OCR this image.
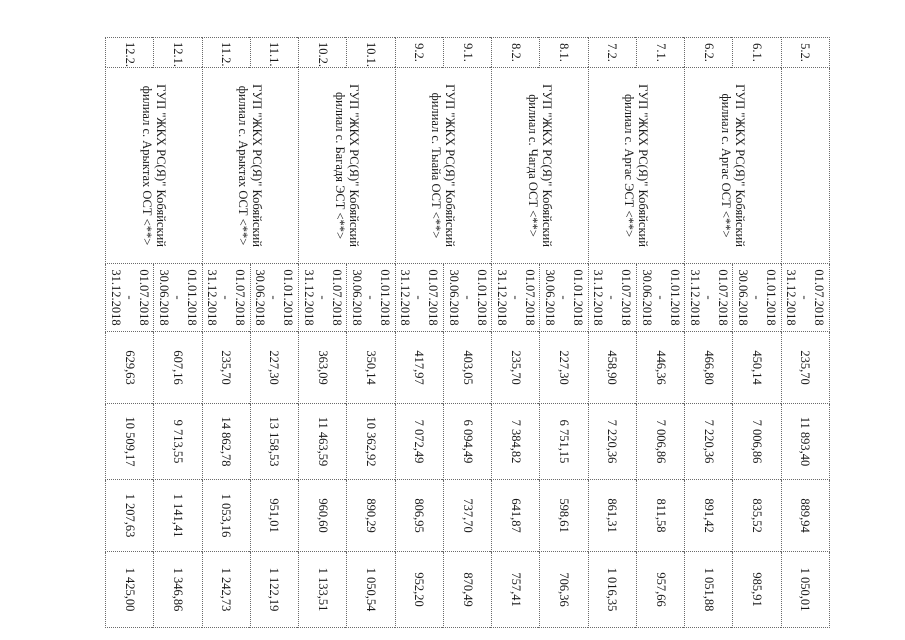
5.2.		01.07.2018 - 31.12.2018	235,70	11 893,40	889,94	1 050,01
6.1.	ГУП "ЖКХ РС(Я)" Кобяйский филиал с. Аргас ОСТ <**>	01.01.2018 - 30.06.2018	450,14	7 006,86	835,52	985,91
6.2.		01.07.2018 - 31.12.2018	466,80	7 220,36	891,42	1 051,88
7.1.	ГУП "ЖКХ РС(Я)" Кобяйский филиал с. Аргас ЭСТ <**>	01.01.2018 - 30.06.2018	446,36	7 006,86	811,58	957,66
7.2.		01.07.2018 - 31.12.2018	458,90	7 220,36	861,31	1 016,35
8.1.	ГУП "ЖКХ РС(Я)" Кобяйский филиал с. Чагда ОСТ <**>	01.01.2018 - 30.06.2018	227,30	6 751,15	598,61	706,36
8.2.		01.07.2018 - 31.12.2018	235,70	7 384,82	641,87	757,41
9.1.	ГУП "ЖКХ РС(Я)" Кобяйский филиал с. Тыайа ОСТ <**>	01.01.2018 - 30.06.2018	403,05	6 094,49	737,70	870,49
9.2.		01.07.2018 - 31.12.2018	417,97	7 072,49	806,95	952,20
10.1.	ГУП "ЖКХ РС(Я)" Кобяйский филиал с. Багадя ЭСТ <**>	01.01.2018 - 30.06.2018	350,14	10 362,92	890,29	1 050,54
10.2.		01.07.2018 - 31.12.2018	363,09	11 463,59	960,60	1 133,51
11.1.	ГУП "ЖКХ РС(Я)" Кобяйский филиал с. Арыктах ОСТ <**>	01.01.2018 - 30.06.2018	227,30	13 158,53	951,01	1 122,19
11.2.		01.07.2018 - 31.12.2018	235,70	14 862,78	1 053,16	1 242,73
12.1.	ГУП "ЖКХ РС(Я)" Кобяйский филиал с. Арыктах ОСТ <**>	01.01.2018 - 30.06.2018	607,16	9 713,55	1 141,41	1 346,86
12.2.		01.07.2018 - 31.12.2018	629,63	10 509,17	1 207,63	1 425,00
